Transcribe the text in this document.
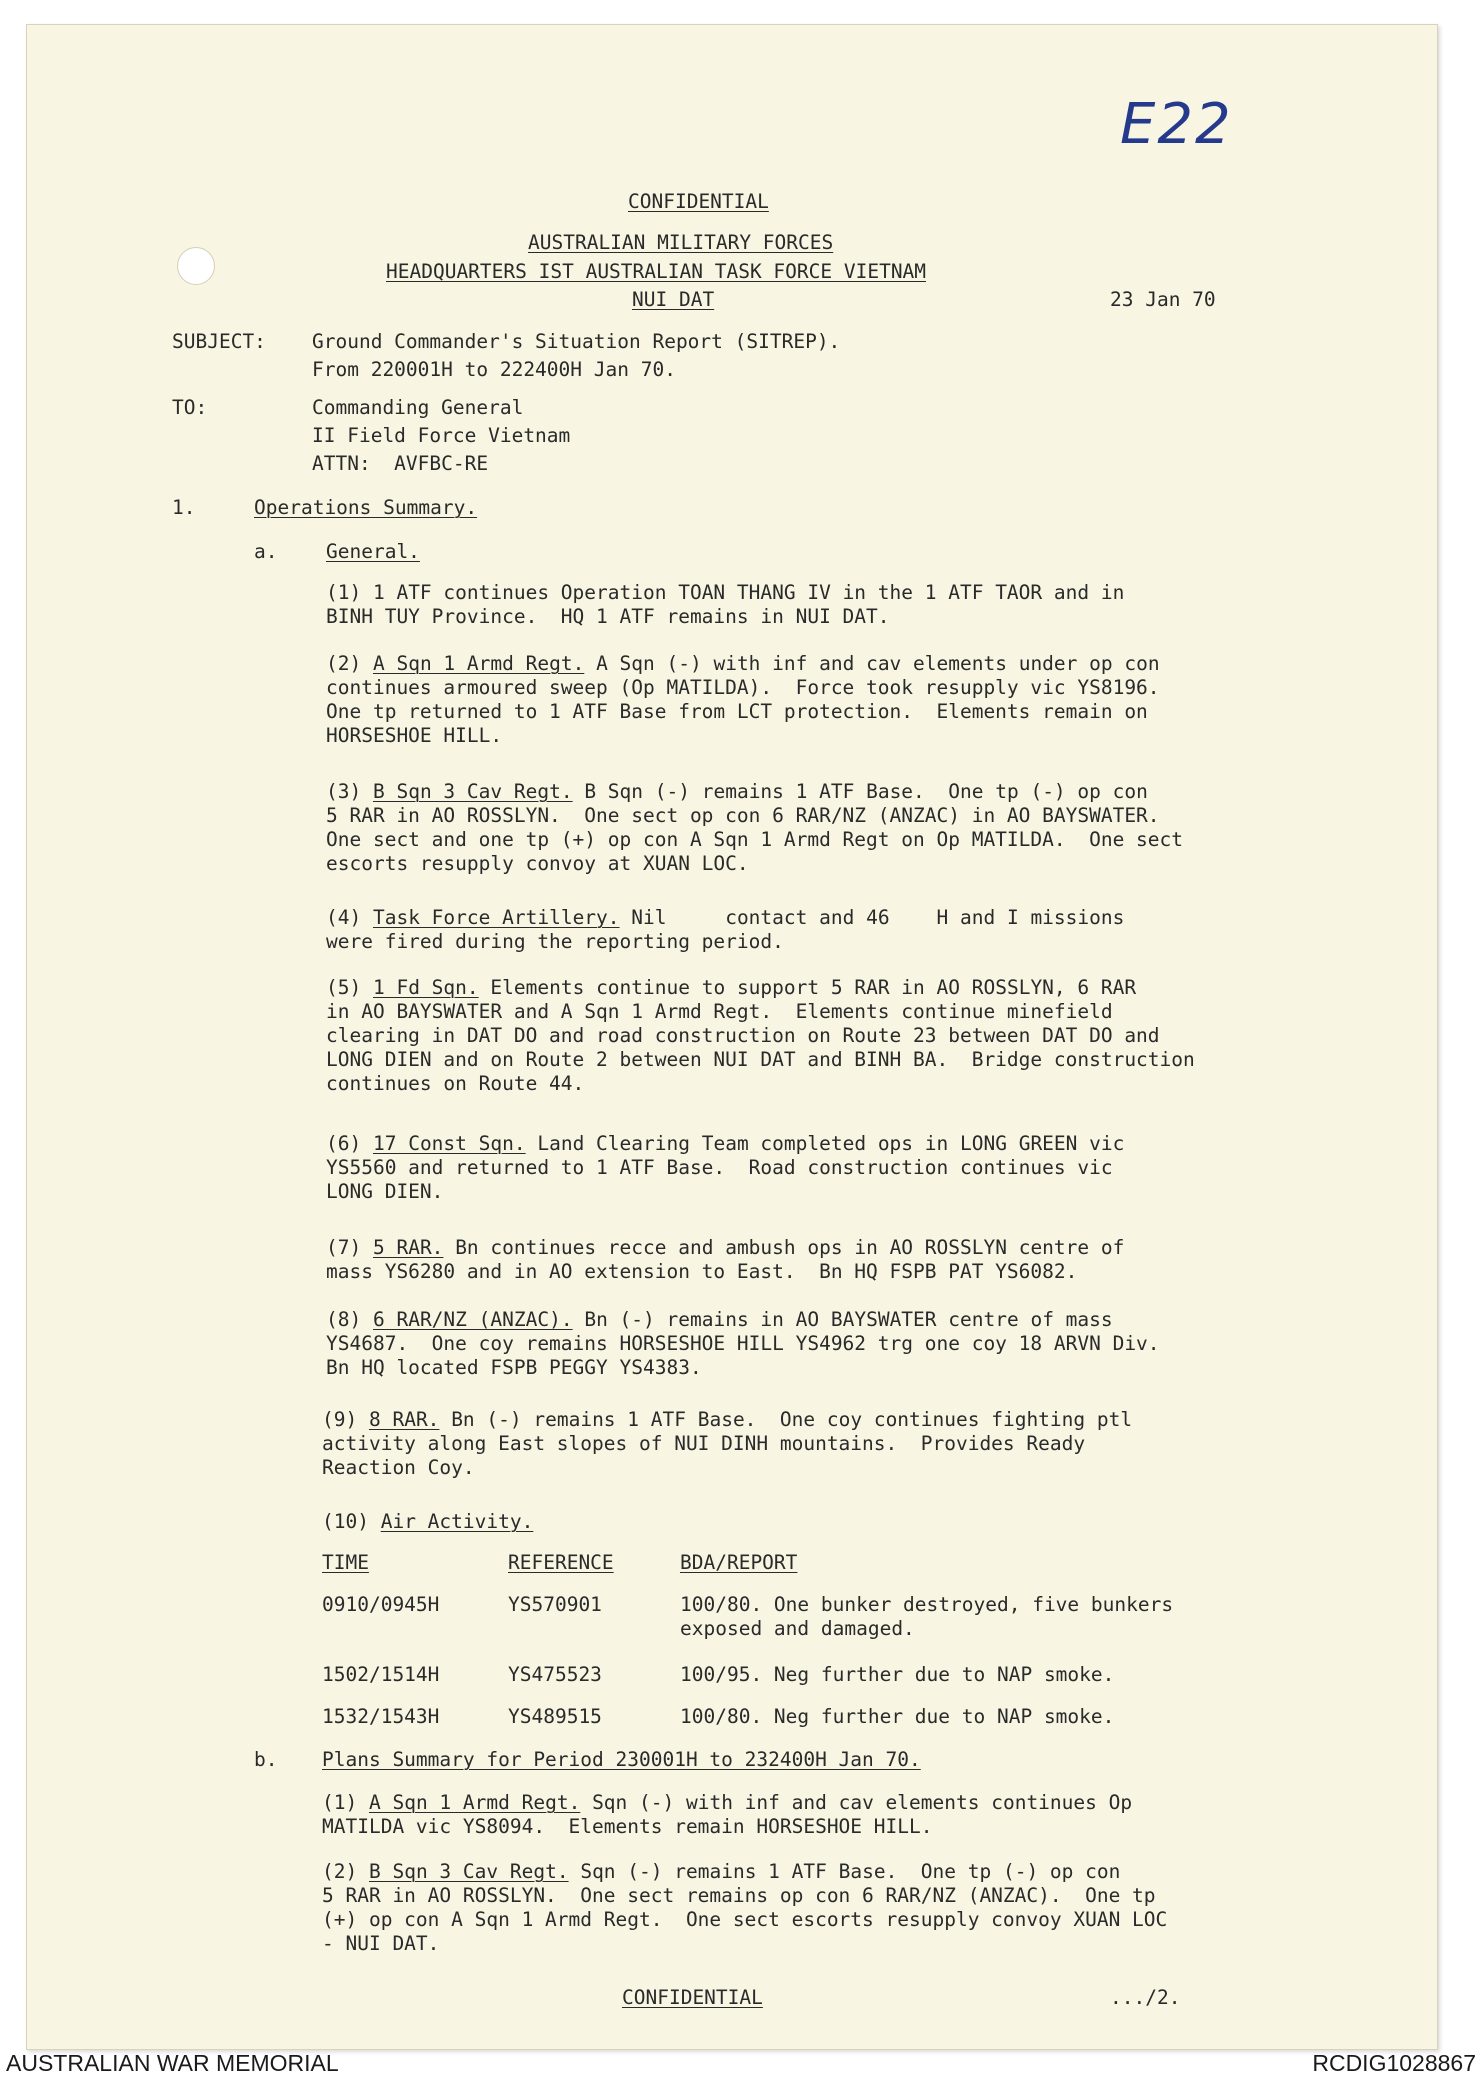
E22
CONFIDENTIAL
AUSTRALIAN MILITARY FORCES
HEADQUARTERS IST AUSTRALIAN TASK FORCE VIETNAM
NUI DAT	23 Jan 70
SUBJECT: Ground Commander's Situation Report (SITREP).
From 220001H to 222400H Jan 70.
TO:	Commanding General
II Field Force Vietnam
ATTN:  AVFBC-RE
1.	Operations Summary.
a. General.
(1) 1 ATF continues Operation TOAN THANG IV in the 1 ATF TAOR and in
BINH TUY Province.  HQ 1 ATF remains in NUI DAT.
(2) A Sqn 1 Armd Regt. A Sqn (-) with inf and cav elements under op con
continues armoured sweep (Op MATILDA).  Force took resupply vic YS8196.
One tp returned to 1 ATF Base from LCT protection.  Elements remain on
HORSESHOE HILL.
(3) B Sqn 3 Cav Regt. B Sqn (-) remains 1 ATF Base.  One tp (-) op con
5 RAR in AO ROSSLYN.  One sect op con 6 RAR/NZ (ANZAC) in AO BAYSWATER.
One sect and one tp (+) op con A Sqn 1 Armd Regt on Op MATILDA.  One sect
escorts resupply convoy at XUAN LOC.
(4) Task Force Artillery. Nil     contact and 46    H and I missions
were fired during the reporting period.
(5) 1 Fd Sqn. Elements continue to support 5 RAR in AO ROSSLYN, 6 RAR
in AO BAYSWATER and A Sqn 1 Armd Regt.  Elements continue minefield
clearing in DAT DO and road construction on Route 23 between DAT DO and
LONG DIEN and on Route 2 between NUI DAT and BINH BA.  Bridge construction
continues on Route 44.
(6) 17 Const Sqn. Land Clearing Team completed ops in LONG GREEN vic
YS5560 and returned to 1 ATF Base.  Road construction continues vic
LONG DIEN.
(7) 5 RAR. Bn continues recce and ambush ops in AO ROSSLYN centre of
mass YS6280 and in AO extension to East.  Bn HQ FSPB PAT YS6082.
(8) 6 RAR/NZ (ANZAC). Bn (-) remains in AO BAYSWATER centre of mass
YS4687.  One coy remains HORSESHOE HILL YS4962 trg one coy 18 ARVN Div.
Bn HQ located FSPB PEGGY YS4383.
(9) 8 RAR. Bn (-) remains 1 ATF Base.  One coy continues fighting ptl
activity along East slopes of NUI DINH mountains.  Provides Ready
Reaction Coy.
(10) Air Activity.
TIME	REFERENCE	BDA/REPORT
0910/0945H	YS570901	100/80. One bunker destroyed, five bunkers
exposed and damaged.
1502/1514H	YS475523	100/95. Neg further due to NAP smoke.
1532/1543H	YS489515	100/80. Neg further due to NAP smoke.
b. Plans Summary for Period 230001H to 232400H Jan 70.
(1) A Sqn 1 Armd Regt. Sqn (-) with inf and cav elements continues Op
MATILDA vic YS8094.  Elements remain HORSESHOE HILL.
(2) B Sqn 3 Cav Regt. Sqn (-) remains 1 ATF Base.  One tp (-) op con
5 RAR in AO ROSSLYN.  One sect remains op con 6 RAR/NZ (ANZAC).  One tp
(+) op con A Sqn 1 Armd Regt.  One sect escorts resupply convoy XUAN LOC
- NUI DAT.
CONFIDENTIAL	.../2.
AUSTRALIAN WAR MEMORIAL	RCDIG1028867
